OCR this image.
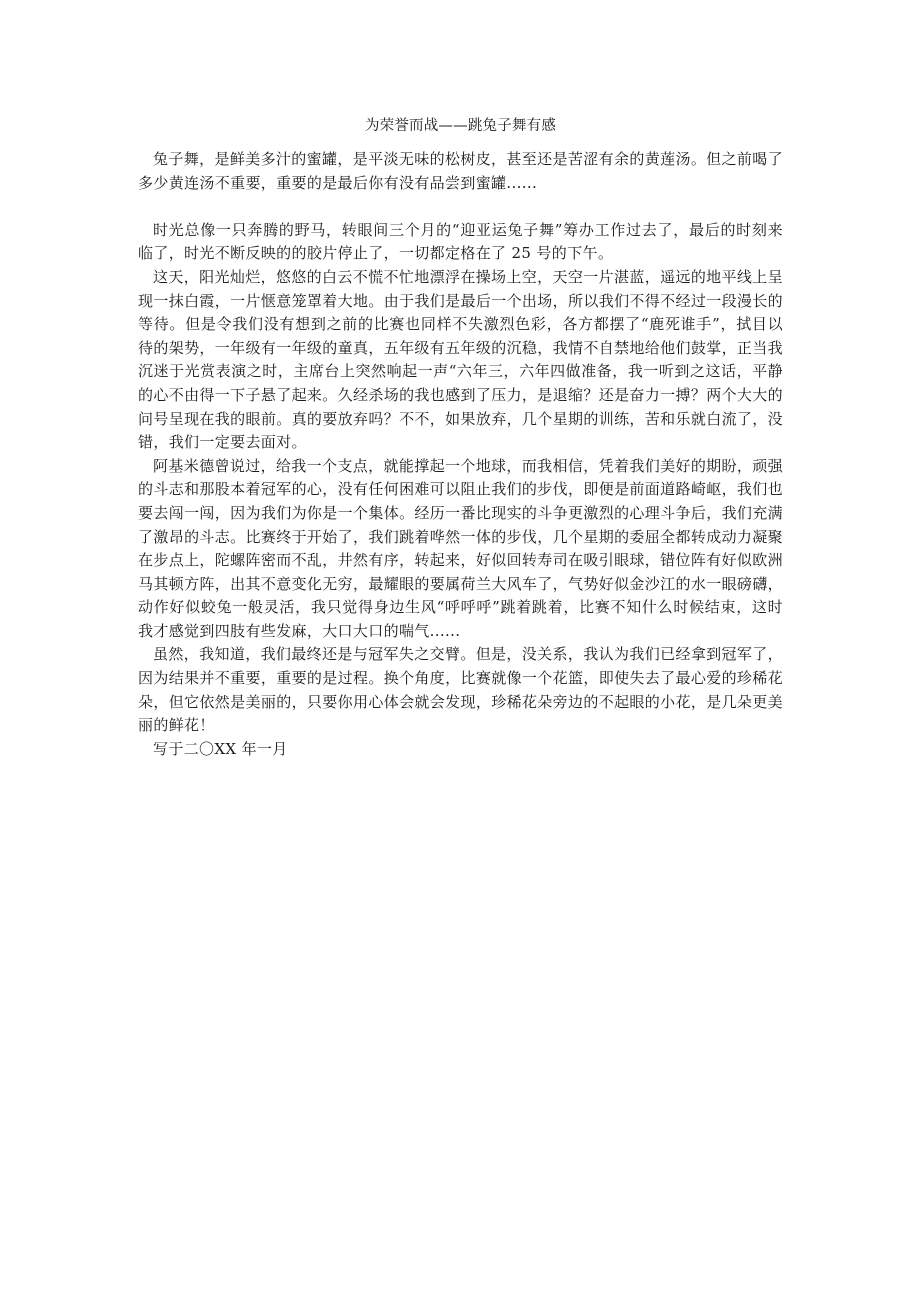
为荣誉而战——跳兔子舞有感

兔子舞，是鲜美多汁的蜜罐，是平淡无味的松树皮，甚至还是苦涩有余的黄莲汤。但之前喝了多少黄连汤不重要，重要的是最后你有没有品尝到蜜罐......

时光总像一只奔腾的野马，转眼间三个月的“迎亚运兔子舞”筹办工作过去了，最后的时刻来临了，时光不断反映的的胶片停止了，一切都定格在了 25 号的下午。

这天，阳光灿烂，悠悠的白云不慌不忙地漂浮在操场上空，天空一片湛蓝，遥远的地平线上呈现一抹白霞，一片惬意笼罩着大地。由于我们是最后一个出场，所以我们不得不经过一段漫长的等待。但是令我们没有想到之前的比赛也同样不失激烈色彩，各方都摆了“鹿死谁手”，拭目以待的架势，一年级有一年级的童真，五年级有五年级的沉稳，我情不自禁地给他们鼓掌，正当我沉迷于光赏表演之时，主席台上突然响起一声“六年三，六年四做准备，我一听到之这话，平静的心不由得一下子悬了起来。久经杀场的我也感到了压力，是退缩？还是奋力一搏？两个大大的问号呈现在我的眼前。真的要放弃吗？不不，如果放弃，几个星期的训练，苦和乐就白流了，没错，我们一定要去面对。

阿基米德曾说过，给我一个支点，就能撑起一个地球，而我相信，凭着我们美好的期盼，顽强的斗志和那股本着冠军的心，没有任何困难可以阻止我们的步伐，即便是前面道路崎岖，我们也要去闯一闯，因为我们为你是一个集体。经历一番比现实的斗争更激烈的心理斗争后，我们充满了激昂的斗志。比赛终于开始了，我们跳着哗然一体的步伐，几个星期的委屈全都转成动力凝聚在步点上，陀螺阵密而不乱，井然有序，转起来，好似回转寿司在吸引眼球，错位阵有好似欧洲马其顿方阵，出其不意变化无穷，最耀眼的要属荷兰大风车了，气势好似金沙江的水一眼磅礴，动作好似蛟兔一般灵活，我只觉得身边生风“呼呼呼”跳着跳着，比赛不知什么时候结束，这时我才感觉到四肢有些发麻，大口大口的喘气......

虽然，我知道，我们最终还是与冠军失之交臂。但是，没关系，我认为我们已经拿到冠军了，因为结果并不重要，重要的是过程。换个角度，比赛就像一个花篮，即使失去了最心爱的珍稀花朵，但它依然是美丽的，只要你用心体会就会发现，珍稀花朵旁边的不起眼的小花，是几朵更美丽的鲜花！

写于二〇XX 年一月
